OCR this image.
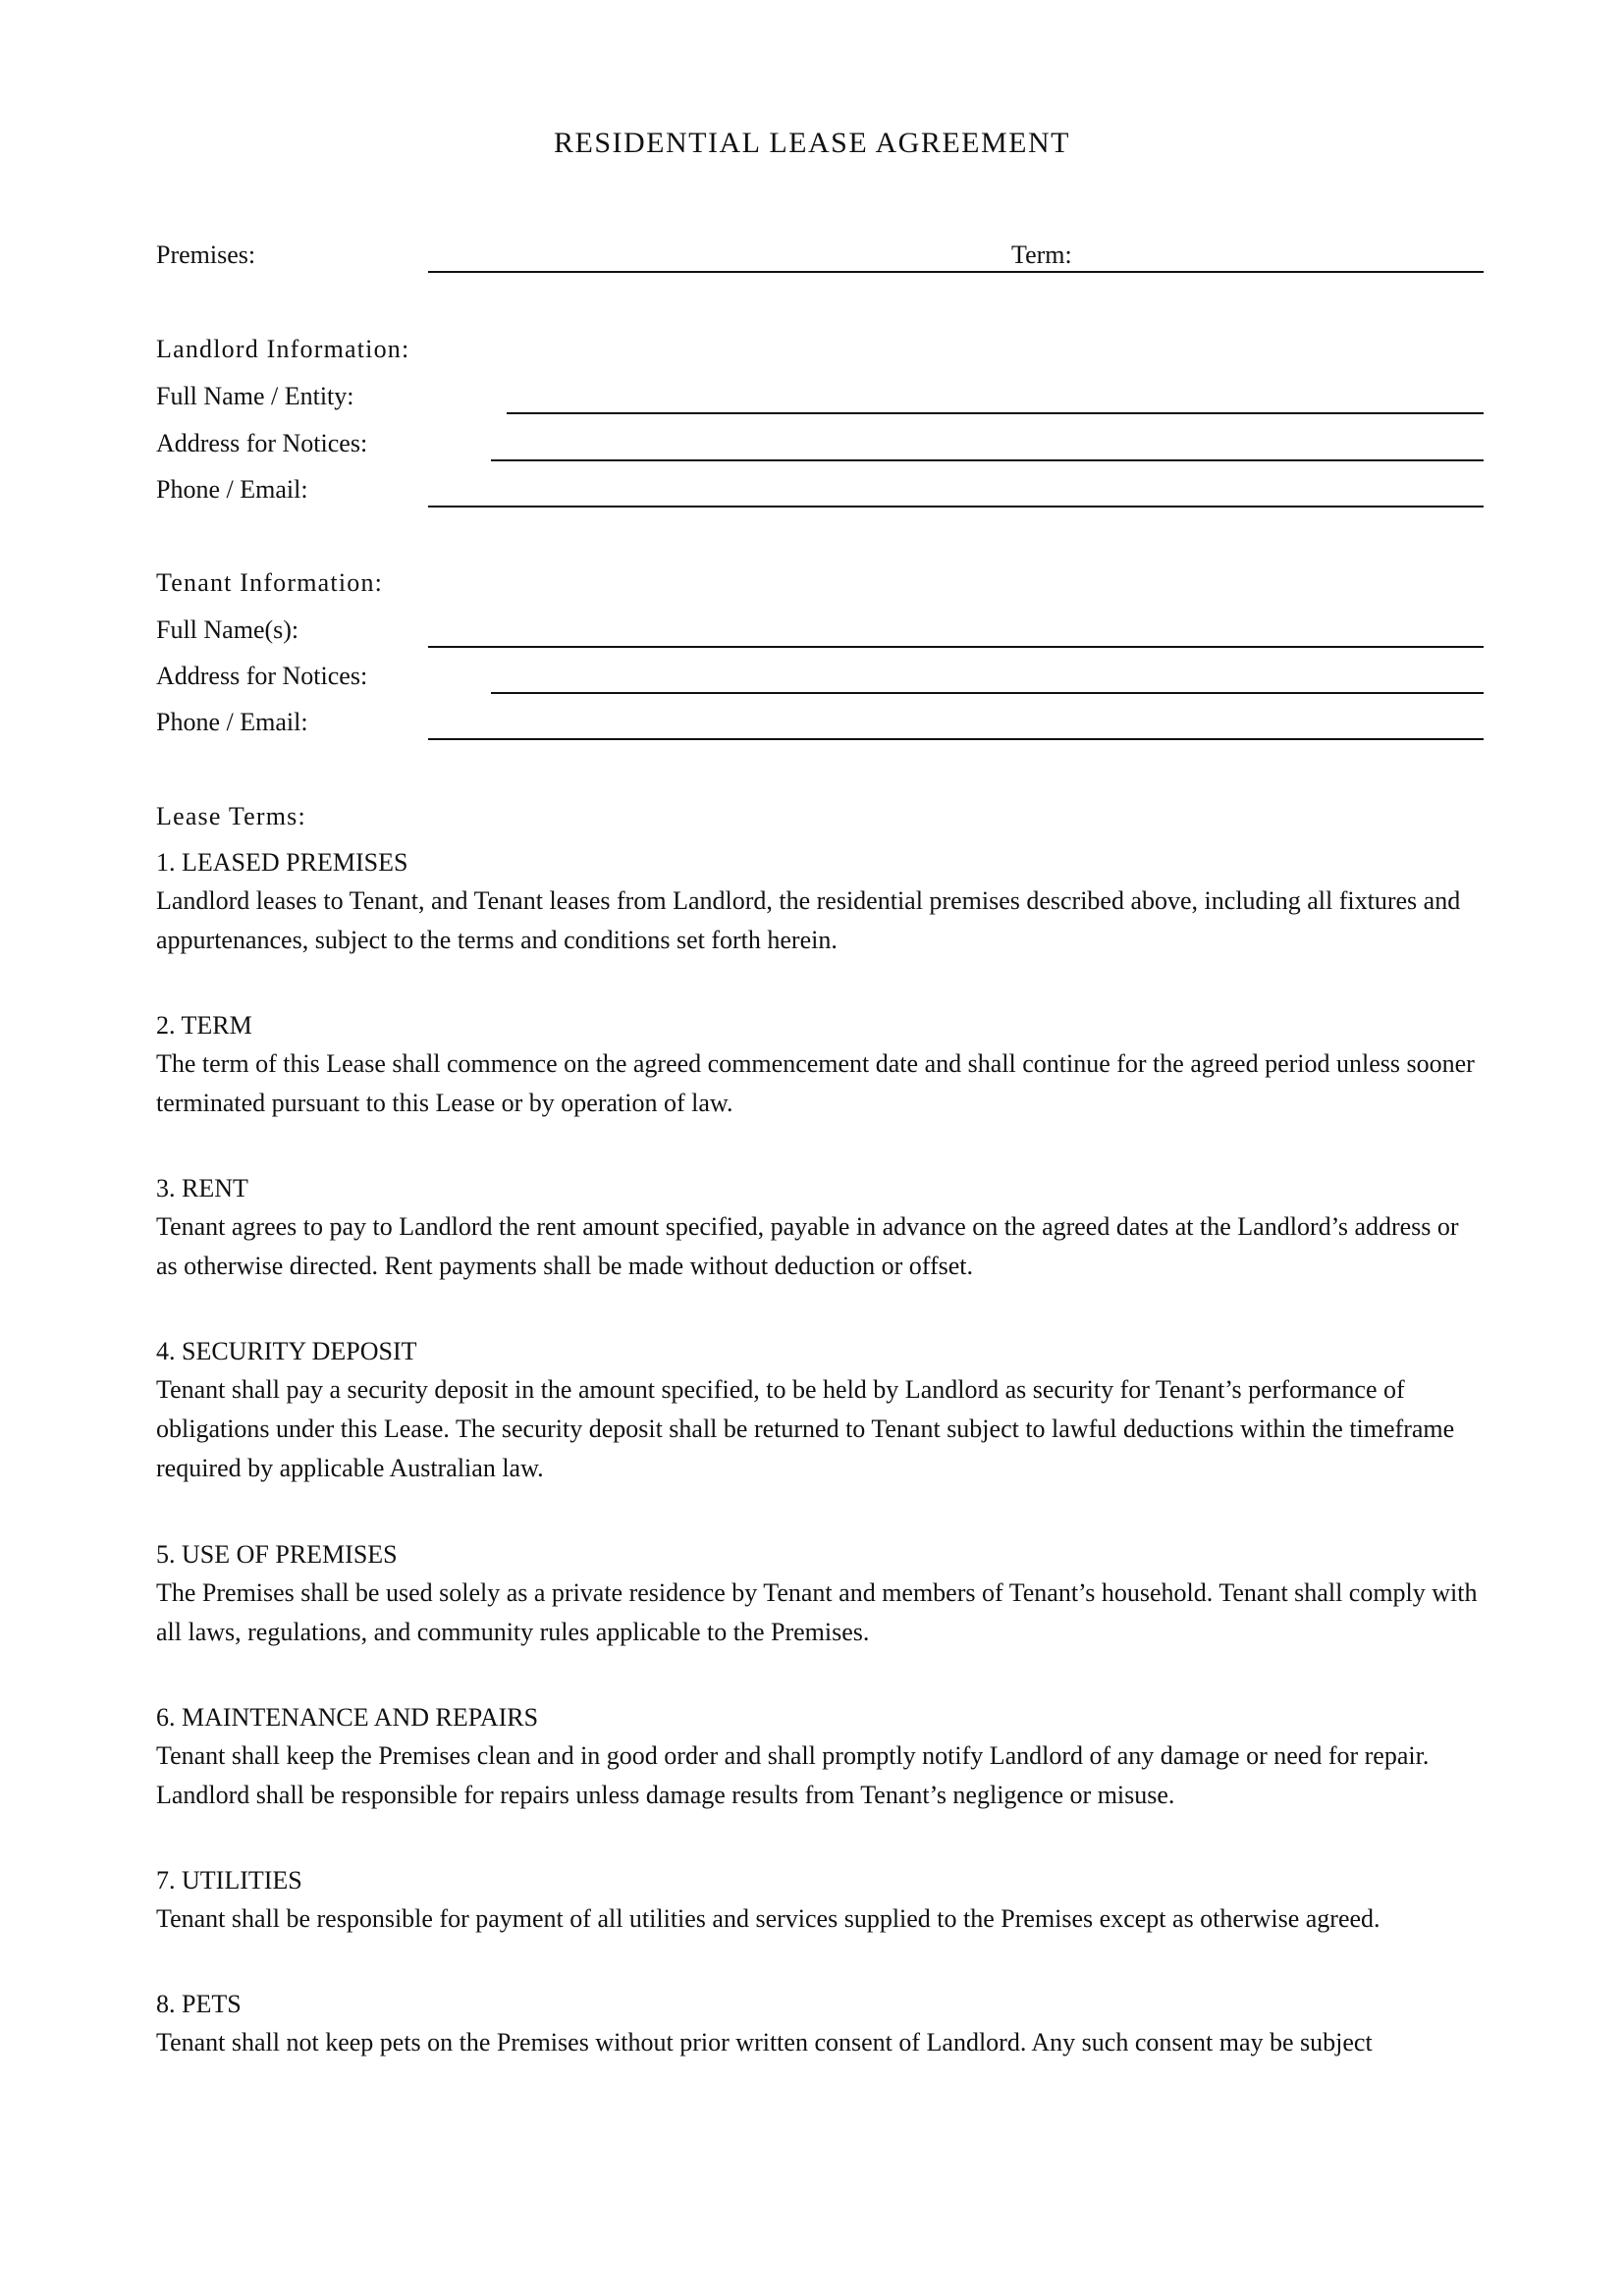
RESIDENTIAL LEASE AGREEMENT
Premises:	Term:
Landlord Information:
Full Name / Entity:
Address for Notices:
Phone / Email:
Tenant Information:
Full Name(s):
Address for Notices:
Phone / Email:
Lease Terms:
1. LEASED PREMISES

Landlord leases to Tenant, and Tenant leases from Landlord, the residential premises described above, including all fixtures and appurtenances, subject to the terms and conditions set forth herein.

2. TERM

The term of this Lease shall commence on the agreed commencement date and shall continue for the agreed period unless sooner terminated pursuant to this Lease or by operation of law.

3. RENT

Tenant agrees to pay to Landlord the rent amount specified, payable in advance on the agreed dates at the Landlord’s address or as otherwise directed. Rent payments shall be made without deduction or offset.

4. SECURITY DEPOSIT

Tenant shall pay a security deposit in the amount specified, to be held by Landlord as security for Tenant’s performance of obligations under this Lease. The security deposit shall be returned to Tenant subject to lawful deductions within the timeframe required by applicable Australian law.

5. USE OF PREMISES

The Premises shall be used solely as a private residence by Tenant and members of Tenant’s household. Tenant shall comply with all laws, regulations, and community rules applicable to the Premises.

6. MAINTENANCE AND REPAIRS

Tenant shall keep the Premises clean and in good order and shall promptly notify Landlord of any damage or need for repair. Landlord shall be responsible for repairs unless damage results from Tenant’s negligence or misuse.

7. UTILITIES

Tenant shall be responsible for payment of all utilities and services supplied to the Premises except as otherwise agreed.

8. PETS

Tenant shall not keep pets on the Premises without prior written consent of Landlord. Any such consent may be subject
